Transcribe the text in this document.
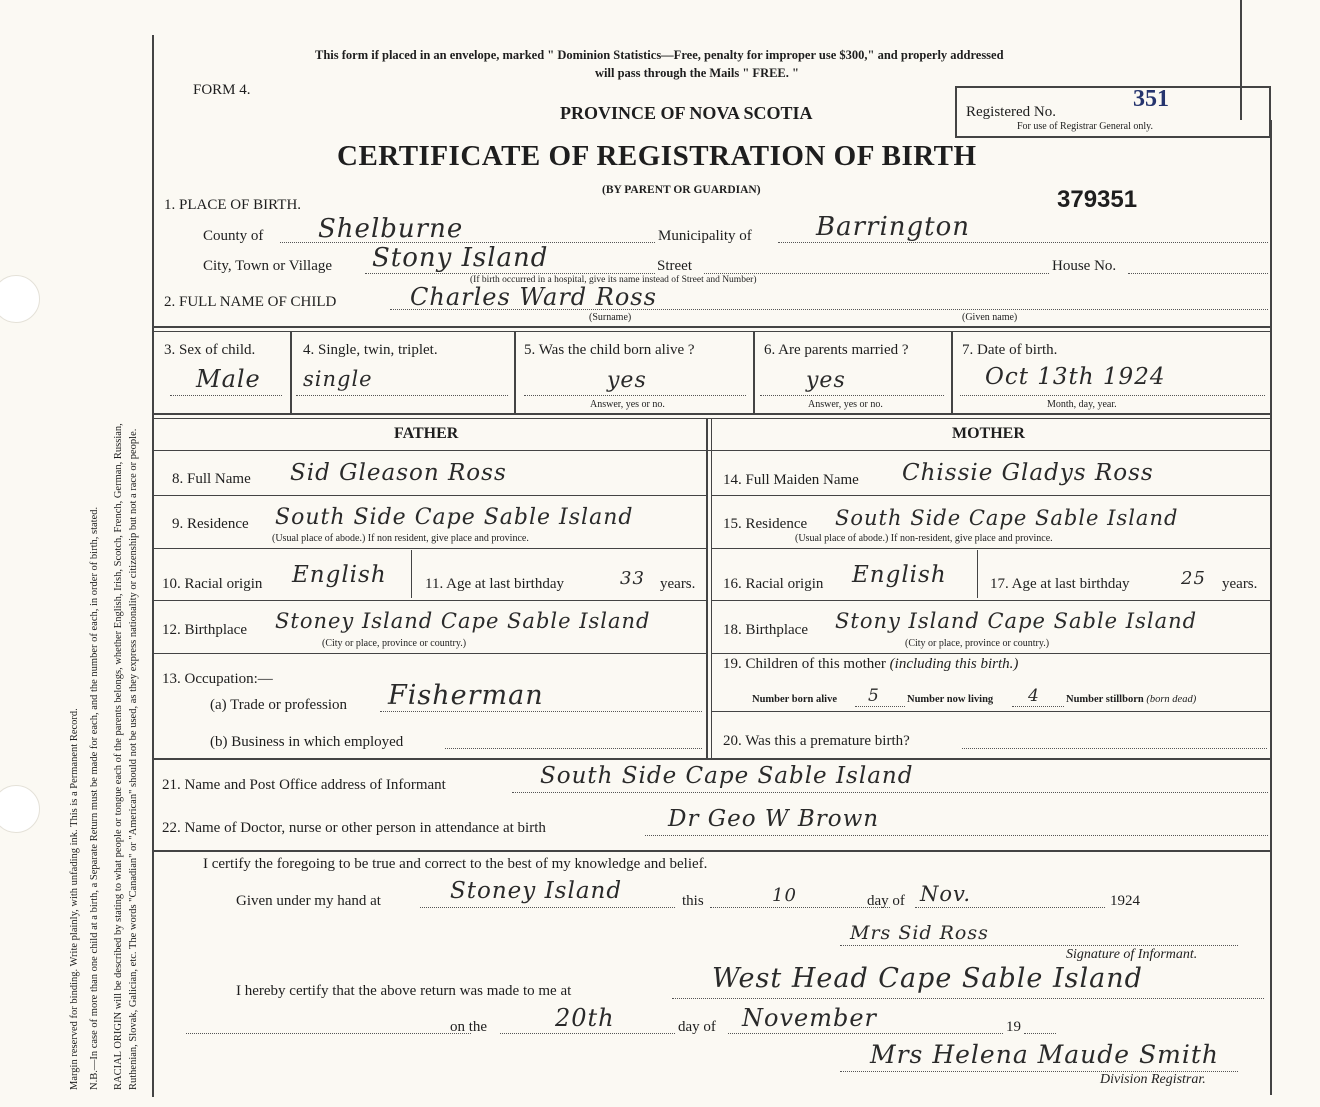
Margin reserved for binding. Write plainly, with unfading ink. This is a Permanent Record. N.B.—In case of more than one child at a birth, a Separate Return must be made for each, and the number of each, in order of birth, stated. RACIAL ORIGIN will be described by stating to what people or tongue each of the parents belongs, whether English, Irish, Scotch, French, German, Russian, Ruthenian, Slovak, Galician, etc. The words "Canadian" or "American" should not be used, as they express nationality or citizenship but not a race or people.
This form if placed in an envelope, marked " Dominion Statistics—Free, penalty for improper use $300," and properly addressed
will pass through the Mails " FREE. "
FORM 4.
PROVINCE OF NOVA SCOTIA	Registered No.	351
For use of Registrar General only.
CERTIFICATE OF REGISTRATION OF BIRTH
(BY PARENT OR GUARDIAN)	379351
1. PLACE OF BIRTH.
County of Shelburne	Municipality of Barrington
City, Town or Village Stony Island	Street	House No.
(If birth occurred in a hospital, give its name instead of Street and Number)
2. FULL NAME OF CHILD	Charles Ward Ross
(Surname)	(Given name)
3. Sex of child.
Male
4. Single, twin, triplet.
single
5. Was the child born alive ?
yes
Answer, yes or no.
6. Are parents married ?
yes
Answer, yes or no.
7. Date of birth.
Oct 13th 1924
Month, day, year.
FATHER	MOTHER
8. Full Name Sid Gleason Ross
9. Residence South Side Cape Sable Island
(Usual place of abode.) If non resident, give place and province.
10. Racial origin English	11. Age at last birthday	33 years.
12. Birthplace Stoney Island Cape Sable Island
(City or place, province or country.)
13. Occupation:—
(a) Trade or profession Fisherman
(b) Business in which employed
14. Full Maiden Name Chissie Gladys Ross
15. Residence South Side Cape Sable Island
(Usual place of abode.) If non-resident, give place and province.
16. Racial origin English	17. Age at last birthday	25 years.
18. Birthplace Stony Island Cape Sable Island
(City or place, province or country.)
19. Children of this mother (including this birth.)
Number born alive 5	Number now living 4 Number stillborn (born dead)
20. Was this a premature birth?
21. Name and Post Office address of Informant	South Side Cape Sable Island
22. Name of Doctor, nurse or other person in attendance at birth	Dr Geo W Brown
I certify the foregoing to be true and correct to the best of my knowledge and belief.
Given under my hand at	Stoney Island	this	10	day of Nov.	1924
Mrs Sid Ross
Signature of Informant.
I hereby certify that the above return was made to me at	West Head Cape Sable Island
on the	20th	day of November	19
Mrs Helena Maude Smith
Division Registrar.
